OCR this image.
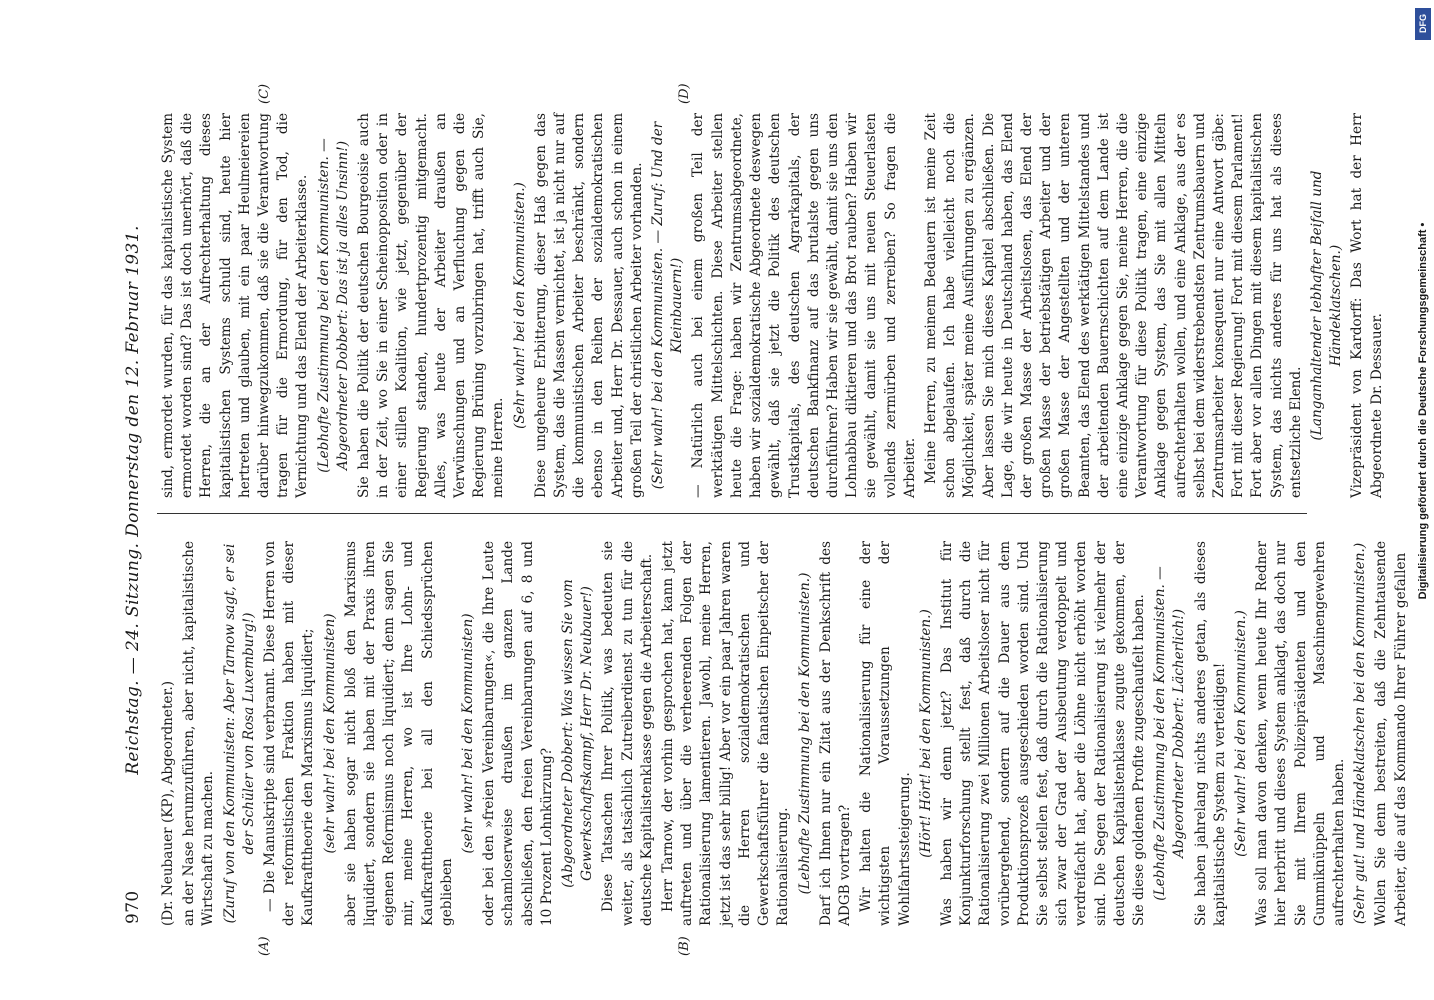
970
Reichstag. — 24. Sitzung. Donnerstag den 12. Februar 1931.
(A)	(B)
(C)	(D)

(Dr. Neubauer (KP), Abgeordneter.) an der Nase herumzuführen, aber nicht, kapitalistische Wirtschaft zu machen. (Zuruf von den Kommunisten: Aber Tarnow sagt, er sei der Schüler von Rosa Luxemburg!) — Die Manuskripte sind verbrannt. Diese Herren von der reformistischen Fraktion haben mit dieser Kaufkrafttheorie den Marxismus liquidiert; (sehr wahr! bei den Kommunisten) aber sie haben sogar nicht bloß den Marxismus liquidiert, sondern sie haben mit der Praxis ihren eigenen Reformismus noch liquidiert; denn sagen Sie mir, meine Herren, wo ist Ihre Lohn- und Kaufkrafttheorie bei all den Schiedssprüchen geblieben

(sehr wahr! bei den Kommunisten) oder bei den »freien Vereinbarungen«, die Ihre Leute schamloserweise draußen im ganzen Lande abschließen, den freien Vereinbarungen auf 6, 8 und 10 Prozent Lohnkürzung? (Abgeordneter Dobbert: Was wissen Sie vom Gewerkschaftskampf, Herr Dr. Neubauer!) Diese Tatsachen Ihrer Politik, was bedeuten sie weiter, als tatsächlich Zutreiberdienst zu tun für die deutsche Kapitalistenklasse gegen die Arbeiterschaft. Herr Tarnow, der vorhin gesprochen hat, kann jetzt auftreten und über die verheerenden Folgen der Rationalisierung lamentieren. Jawohl, meine Herren, jetzt ist das sehr billig! Aber vor ein paar Jahren waren die Herren sozialdemokratischen und Gewerkschaftsführer die fanatischen Einpeitscher der Rationalisierung. (Lebhafte Zustimmung bei den Kommunisten.) Darf ich Ihnen nur ein Zitat aus der Denkschrift des ADGB vortragen? Wir halten die Nationalisierung für eine der wichtigsten Voraussetzungen der Wohlfahrtssteigerung. (Hört! Hört! bei den Kommunisten.) Was haben wir denn jetzt? Das Institut für Konjunkturforschung stellt fest, daß durch die Rationalisierung zwei Millionen Arbeitsloser nicht für vorübergehend, sondern auf die Dauer aus dem Produktionsprozeß ausgeschieden worden sind. Und Sie selbst stellen fest, daß durch die Rationalisierung sich zwar der Grad der Ausbeutung verdoppelt und verdreifacht hat, aber die Löhne nicht erhöht worden sind. Die Segen der Rationalisierung ist vielmehr der deutschen Kapitalistenklasse zugute gekommen, der Sie diese goldenen Profite zugeschaufelt haben. (Lebhafte Zustimmung bei den Kommunisten. — Abgeordneter Dobbert: Lächerlich!) Sie haben jahrelang nichts anderes getan, als dieses kapitalistische System zu verteidigen! (Sehr wahr! bei den Kommunisten.) Was soll man davon denken, wenn heute Ihr Redner hier herbritt und dieses System anklagt, das doch nur Sie mit Ihrem Polizeipräsidenten und den Gummiknüppeln und Maschinengewehren aufrechterhalten haben. (Sehr gut! und Händeklatschen bei den Kommunisten.) Wollen Sie denn bestreiten, daß die Zehntausende Arbeiter, die auf das Kommando Ihrer Führer gefallen

sind, ermordet wurden, für das kapitalistische System ermordet worden sind? Das ist doch unerhört, daß die Herren, die an der Aufrechterhaltung dieses kapitalistischen Systems schuld sind, heute hier hertreten und glauben, mit ein paar Heulmeiereien darüber hinwegzukommen, daß sie die Verantwortung tragen für die Ermordung, für den Tod, die Vernichtung und das Elend der Arbeiterklasse. (Lebhafte Zustimmung bei den Kommunisten. — Abgeordneter Dobbert: Das ist ja alles Unsinn!) Sie haben die Politik der deutschen Bourgeoisie auch in der Zeit, wo Sie in einer Scheinopposition oder in einer stillen Koalition, wie jetzt, gegenüber der Regierung standen, hundertprozentig mitgemacht. Alles, was heute der Arbeiter draußen an Verwünschungen und an Verfluchung gegen die Regierung Brüning vorzubringen hat, trifft auch Sie, meine Herren.

(Sehr wahr! bei den Kommunisten.) Diese ungeheure Erbitterung, dieser Haß gegen das System, das die Massen vernichtet, ist ja nicht nur auf die kommunistischen Arbeiter beschränkt, sondern ebenso in den Reihen der sozialdemokratischen Arbeiter und, Herr Dr. Dessauer, auch schon in einem großen Teil der christlichen Arbeiter vorhanden. (Sehr wahr! bei den Kommunisten. — Zuruf: Und der Kleinbauern!) — Natürlich auch bei einem großen Teil der werktätigen Mittelschichten. Diese Arbeiter stellen heute die Frage: haben wir Zentrumsabgeordnete, haben wir sozialdemokratische Abgeordnete deswegen gewählt, daß sie jetzt die Politik des deutschen Trustkapitals, des deutschen Agrarkapitals, der deutschen Bankfinanz auf das brutalste gegen uns durchführen? Haben wir sie gewählt, damit sie uns den Lohnabbau diktieren und das Brot rauben? Haben wir sie gewählt, damit sie uns mit neuen Steuerlasten vollends zermürben und zerreiben? So fragen die Arbeiter. Meine Herren, zu meinem Bedauern ist meine Zeit schon abgelaufen. Ich habe vielleicht noch die Möglichkeit, später meine Ausführungen zu ergänzen. Aber lassen Sie mich dieses Kapitel abschließen. Die Lage, die wir heute in Deutschland haben, das Elend der großen Masse der Arbeitslosen, das Elend der großen Masse der betriebstätigen Arbeiter und der großen Masse der Angestellten und der unteren Beamten, das Elend des werktätigen Mittelstandes und der arbeitenden Bauernschichten auf dem Lande ist eine einzige Anklage gegen Sie, meine Herren, die die Verantwortung für diese Politik tragen, eine einzige Anklage gegen System, das Sie mit allen Mitteln aufrechterhalten wollen, und eine Anklage, aus der es selbst bei dem widerstrebendsten Zentrumsbauern und Zentrumsarbeiter konsequent nur eine Antwort gäbe: Fort mit dieser Regierung! Fort mit diesem Parlament! Fort aber vor allen Dingen mit diesem kapitalistischen System, das nichts anderes für uns hat als dieses entsetzliche Elend. (Langanhaltender lebhafter Beifall und Händeklatschen.) Vizepräsident von Kardorff: Das Wort hat der Herr Abgeordnete Dr. Dessauer.

DFG
Digitalisierung gefördert durch die Deutsche Forschungsgemeinschaft •
